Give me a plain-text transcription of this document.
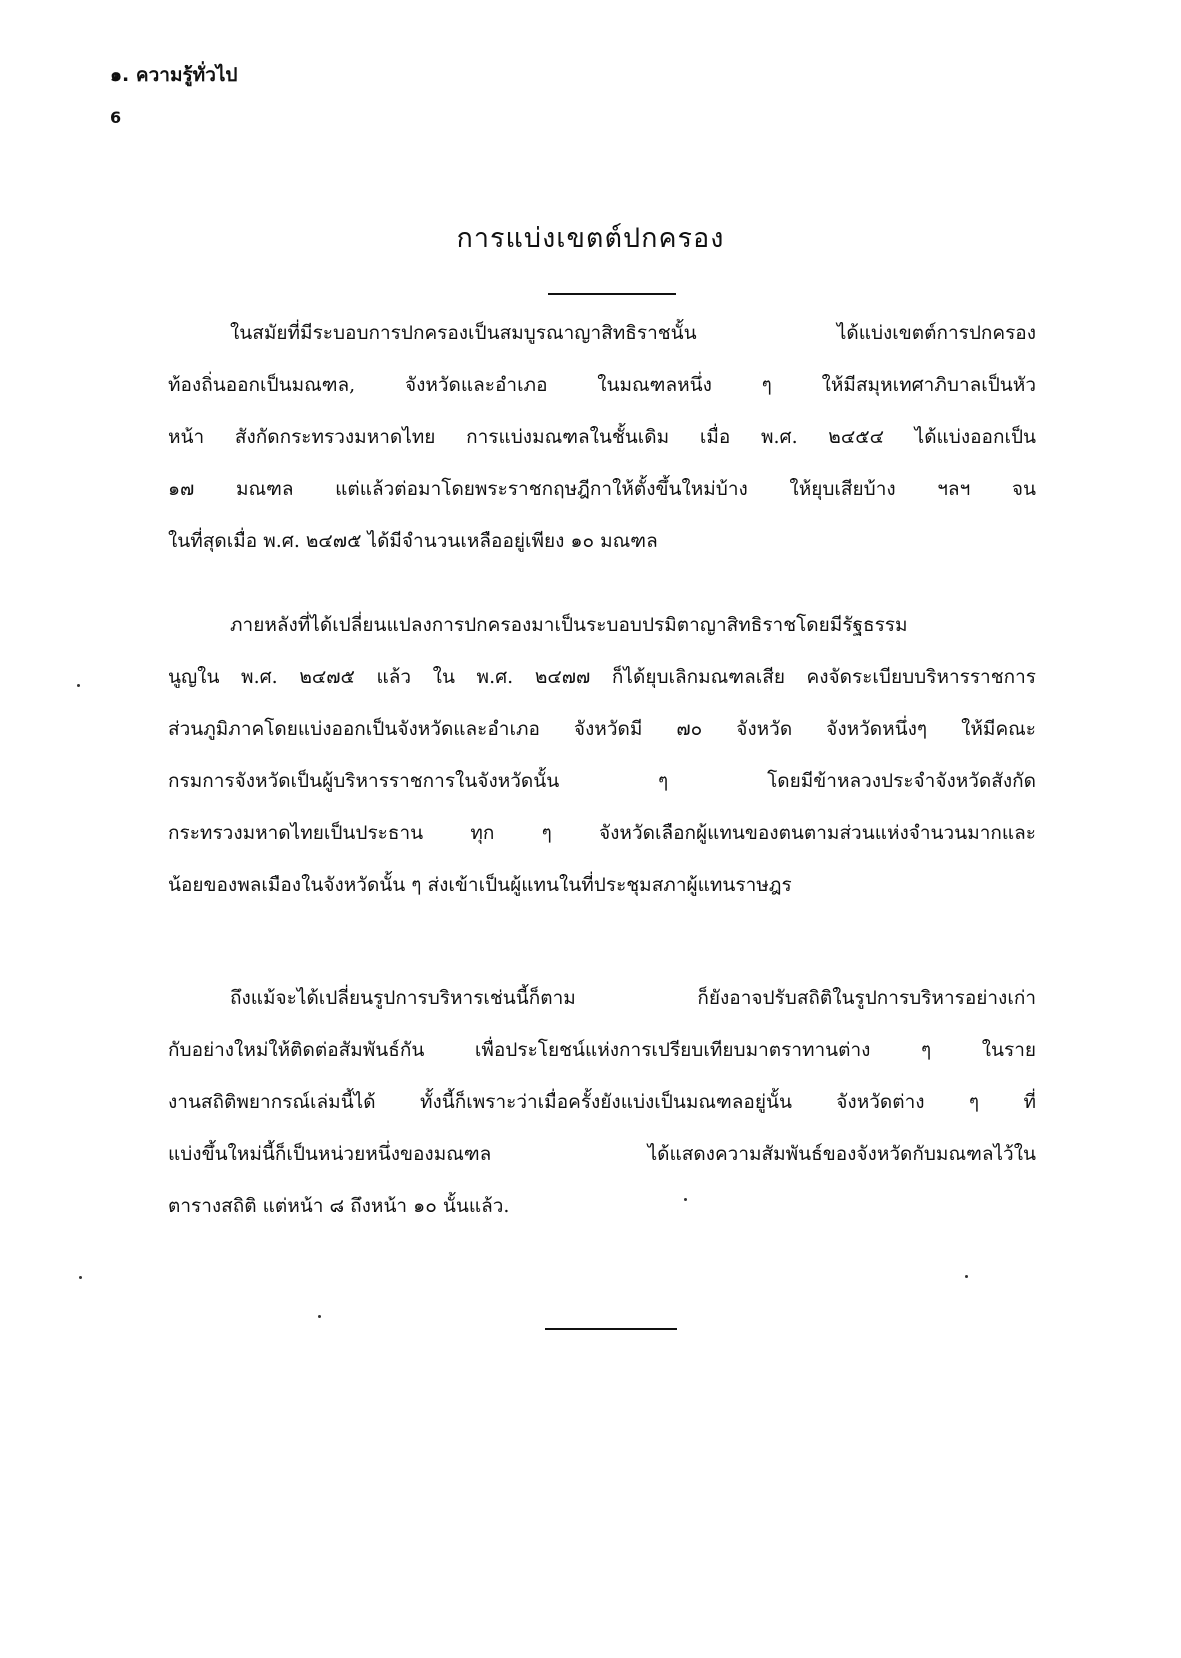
๑. ความรู้ทั่วไป
6
การแบ่งเขตต์ปกครอง
ในสมัยที่มีระบอบการปกครองเป็นสมบูรณาญาสิทธิราชนั้น ได้แบ่งเขตต์การปกครอง
ท้องถิ่นออกเป็นมณฑล, จังหวัดและอำเภอ ในมณฑลหนึ่ง ๆ ให้มีสมุหเทศาภิบาลเป็นหัว
หน้า สังกัดกระทรวงมหาดไทย การแบ่งมณฑลในชั้นเดิม เมื่อ พ.ศ. ๒๔๕๔ ได้แบ่งออกเป็น
๑๗ มณฑล แต่แล้วต่อมาโดยพระราชกฤษฎีกาให้ตั้งขึ้นใหม่บ้าง ให้ยุบเสียบ้าง ฯลฯ จน
ในที่สุดเมื่อ พ.ศ. ๒๔๗๕ ได้มีจำนวนเหลืออยู่เพียง ๑๐ มณฑล
ภายหลังที่ได้เปลี่ยนแปลงการปกครองมาเป็นระบอบปรมิตาญาสิทธิราชโดยมีรัฐธรรม
นูญใน พ.ศ. ๒๔๗๕ แล้ว ใน พ.ศ. ๒๔๗๗ ก็ได้ยุบเลิกมณฑลเสีย คงจัดระเบียบบริหารราชการ
ส่วนภูมิภาคโดยแบ่งออกเป็นจังหวัดและอำเภอ จังหวัดมี ๗๐ จังหวัด จังหวัดหนึ่งๆ ให้มีคณะ
กรมการจังหวัดเป็นผู้บริหารราชการในจังหวัดนั้น ๆ โดยมีข้าหลวงประจำจังหวัดสังกัด
กระทรวงมหาดไทยเป็นประธาน ทุก ๆ จังหวัดเลือกผู้แทนของตนตามส่วนแห่งจำนวนมากและ
น้อยของพลเมืองในจังหวัดนั้น ๆ ส่งเข้าเป็นผู้แทนในที่ประชุมสภาผู้แทนราษฎร
ถึงแม้จะได้เปลี่ยนรูปการบริหารเช่นนี้ก็ตาม ก็ยังอาจปรับสถิติในรูปการบริหารอย่างเก่า
กับอย่างใหม่ให้ติดต่อสัมพันธ์กัน เพื่อประโยชน์แห่งการเปรียบเทียบมาตราทานต่าง ๆ ในราย
งานสถิติพยากรณ์เล่มนี้ได้ ทั้งนี้ก็เพราะว่าเมื่อครั้งยังแบ่งเป็นมณฑลอยู่นั้น จังหวัดต่าง ๆ ที่
แบ่งขึ้นใหม่นี้ก็เป็นหน่วยหนึ่งของมณฑล ได้แสดงความสัมพันธ์ของจังหวัดกับมณฑลไว้ใน
ตารางสถิติ แต่หน้า ๘ ถึงหน้า ๑๐ นั้นแล้ว.
